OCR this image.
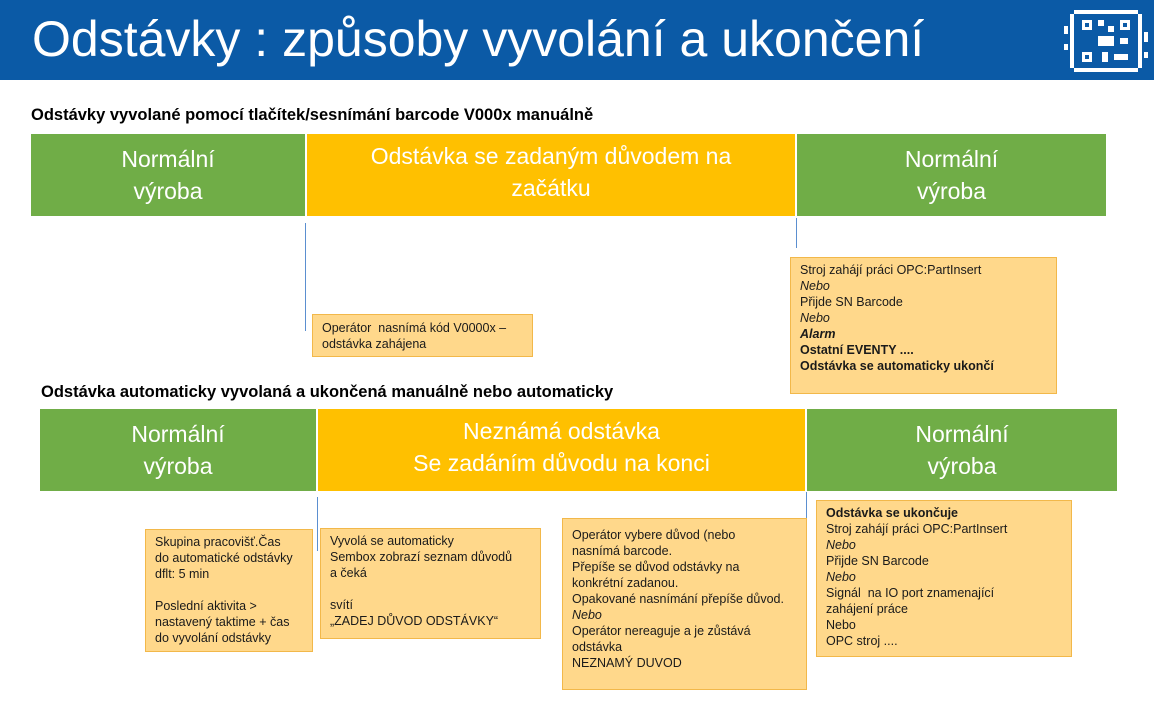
Odstávky : způsoby vyvolání a ukončení
Odstávky vyvolané pomocí tlačítek/sesnímání barcode V000x manuálně
Normální
výroba
Odstávka se zadaným důvodem na
začátku
Normální
výroba
Operátor  nasnímá kód V0000x –
odstávka zahájena
Stroj zahájí práci OPC:PartInsert
Nebo
Přijde SN Barcode
Nebo
Alarm
Ostatní EVENTY ....
Odstávka se automaticky ukončí
Odstávka automaticky vyvolaná a ukončená manuálně nebo automaticky
Normální
výroba
Neznámá odstávka
Se zadáním důvodu na konci
Normální
výroba
Skupina pracovišť.Čas
do automatické odstávky
dflt: 5 min
Poslední aktivita >
nastavený taktime + čas
do vyvolání odstávky
Vyvolá se automaticky
Sembox zobrazí seznam důvodů
a čeká
svítí
„ZADEJ DŮVOD ODSTÁVKY“
Operátor vybere důvod (nebo
nasnímá barcode.
Přepíše se důvod odstávky na
konkrétní zadanou.
Opakované nasnímání přepíše důvod.
Nebo
Operátor nereaguje a je zůstává
odstávka
NEZNAMÝ DUVOD
Odstávka se ukončuje
Stroj zahájí práci OPC:PartInsert
Nebo
Přijde SN Barcode
Nebo
Signál  na IO port znamenající
zahájení práce
Nebo
OPC stroj ....
